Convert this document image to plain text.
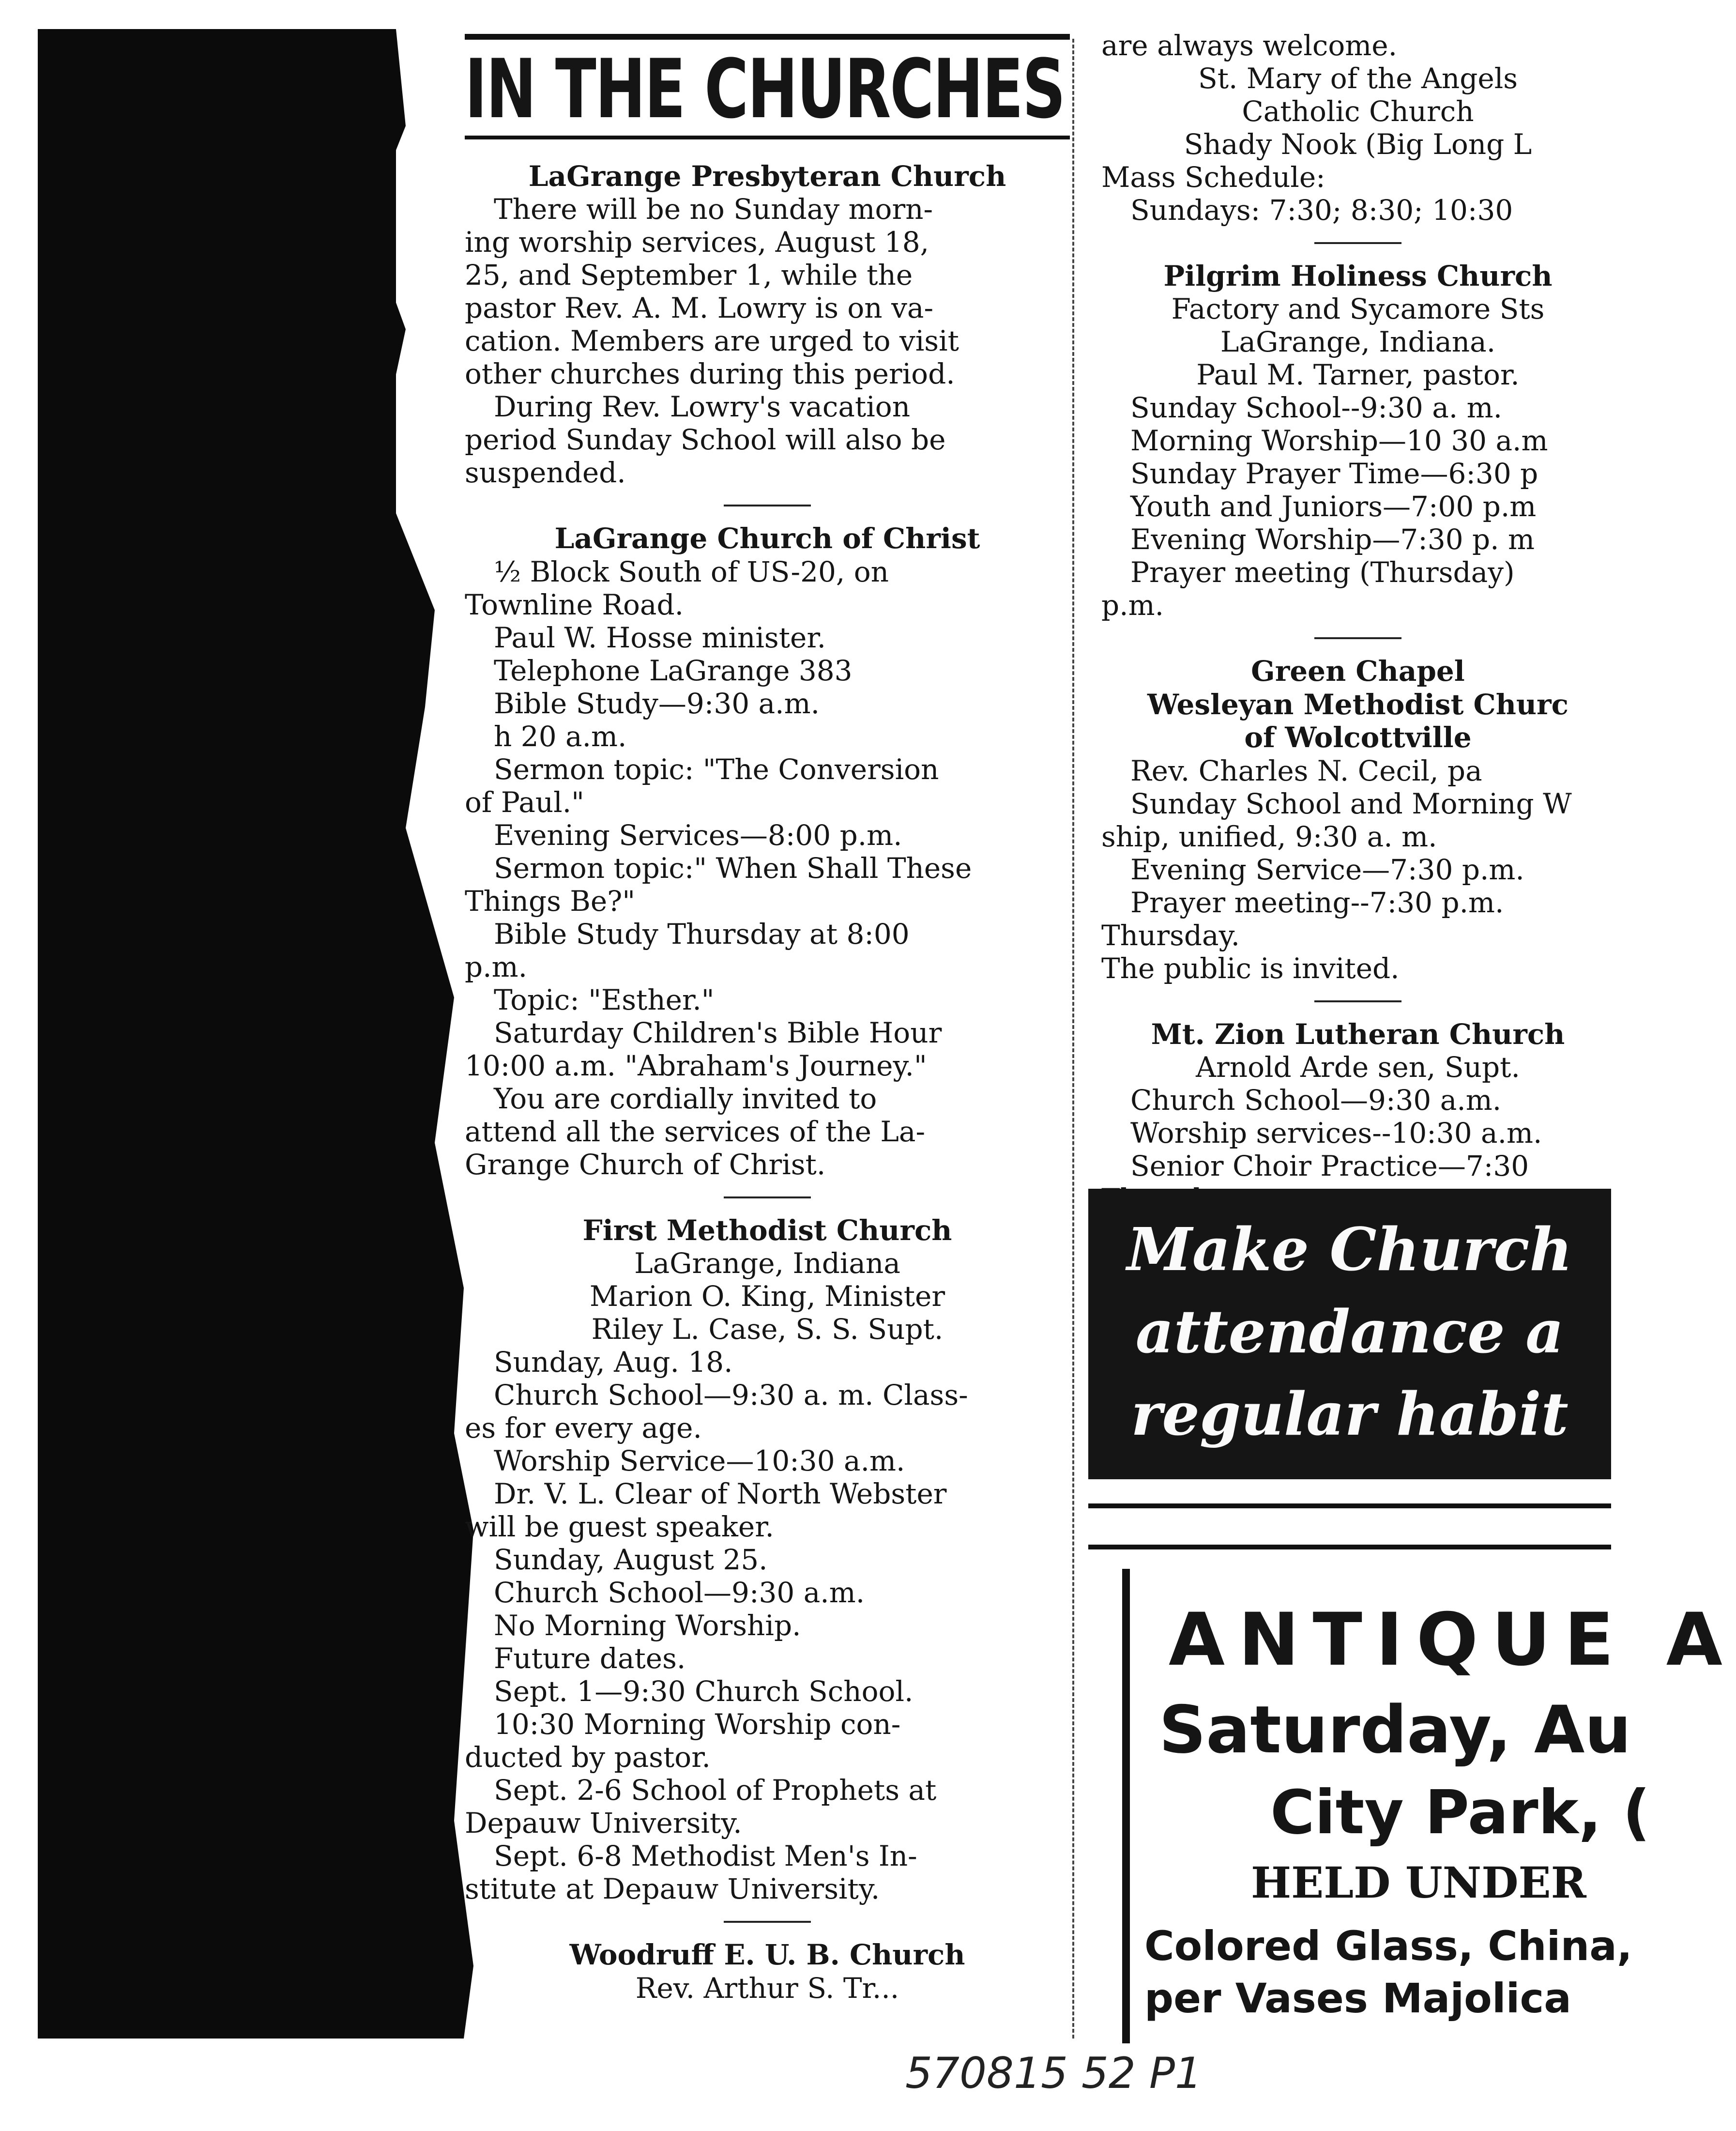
IN THE CHURCHES
LaGrange Presbyteran Church
There will be no Sunday morn-
ing worship services, August 18,
25, and September 1, while the
pastor Rev. A. M. Lowry is on va-
cation. Members are urged to visit
other churches during this period.
During Rev. Lowry's vacation
period Sunday School will also be
suspended.
LaGrange Church of Christ
½ Block South of US-20, on
Townline Road.
Paul W. Hosse minister.
Telephone LaGrange 383
Bible Study—9:30 a.m.
h 20 a.m.
Sermon topic: "The Conversion
of Paul."
Evening Services—8:00 p.m.
Sermon topic:" When Shall These
Things Be?"
Bible Study Thursday at 8:00
p.m.
Topic: "Esther."
Saturday Children's Bible Hour
10:00 a.m. "Abraham's Journey."
You are cordially invited to
attend all the services of the La-
Grange Church of Christ.
First Methodist Church
LaGrange, Indiana
Marion O. King, Minister
Riley L. Case, S. S. Supt.
Sunday, Aug. 18.
Church School—9:30 a. m. Class-
es for every age.
Worship Service—10:30 a.m.
Dr. V. L. Clear of North Webster
will be guest speaker.
Sunday, August 25.
Church School—9:30 a.m.
No Morning Worship.
Future dates.
Sept. 1—9:30 Church School.
10:30 Morning Worship con-
ducted by pastor.
Sept. 2-6 School of Prophets at
Depauw University.
Sept. 6-8 Methodist Men's In-
stitute at Depauw University.
Woodruff E. U. B. Church
Rev. Arthur S. Tr...
are always welcome.
St. Mary of the Angels
Catholic Church
Shady Nook (Big Long L
Mass Schedule:
Sundays: 7:30; 8:30; 10:30
Pilgrim Holiness Church
Factory and Sycamore Sts
LaGrange, Indiana.
Paul M. Tarner, pastor.
Sunday School--9:30 a. m.
Morning Worship—10 30 a.m
Sunday Prayer Time—6:30 p
Youth and Juniors—7:00 p.m
Evening Worship—7:30 p. m
Prayer meeting (Thursday)
p.m.
Green Chapel
Wesleyan Methodist Churc
of Wolcottville
Rev. Charles N. Cecil, pa
Sunday School and Morning W
ship, unified, 9:30 a. m.
Evening Service—7:30 p.m.
Prayer meeting--7:30 p.m.
Thursday.
The public is invited.
Mt. Zion Lutheran Church
Arnold Arde sen, Supt.
Church School—9:30 a.m.
Worship services--10:30 a.m.
Senior Choir Practice—7:30
Make Church
attendance a
regular habit
ANTIQUE A
Saturday, Au
City Park, (
HELD UNDER
Colored Glass, China,
per Vases Majolica
570815 52 P1
